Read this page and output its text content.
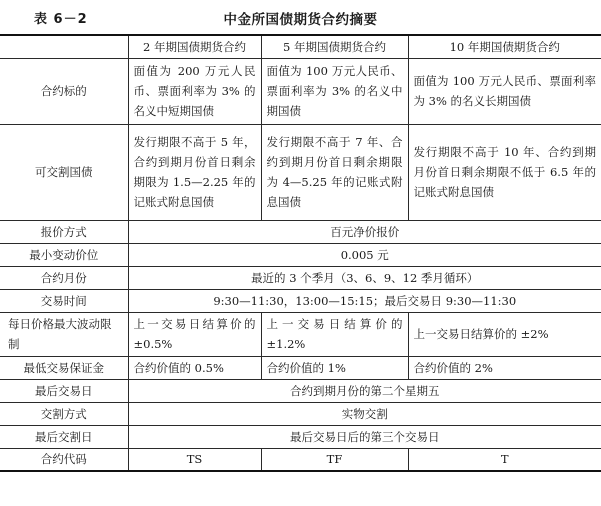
表 6－2	中金所国债期货合约摘要
	2 年期国债期货合约	5 年期国债期货合约	10 年期国债期货合约
合约标的	面值为 200 万元人民币、票面利率为 3% 的名义中短期国债	面值为 100 万元人民币、票面利率为 3% 的名义中期国债	面值为 100 万元人民币、票面利率为 3% 的名义长期国债
可交割国债	发行期限不高于 5 年，合约到期月份首日剩余期限为 1.5—2.25 年的记账式附息国债	发行期限不高于 7 年、合约到期月份首日剩余期限为 4—5.25 年的记账式附息国债	发行期限不高于 10 年、合约到期月份首日剩余期限不低于 6.5 年的记账式附息国债
报价方式	百元净价报价		
最小变动价位	0.005 元		
合约月份	最近的 3 个季月（3、6、9、12 季月循环）		
交易时间	9:30—11:30，13:00—15:15；最后交易日 9:30—11:30		
每日价格最大波动限制	上一交易日结算价的 ±0.5%	上一交易日结算价的 ±1.2%	上一交易日结算价的 ±2%
最低交易保证金	合约价值的 0.5%	合约价值的 1%	合约价值的 2%
最后交易日	合约到期月份的第二个星期五		
交割方式	实物交割		
最后交割日	最后交易日后的第三个交易日		
合约代码	TS	TF	T
